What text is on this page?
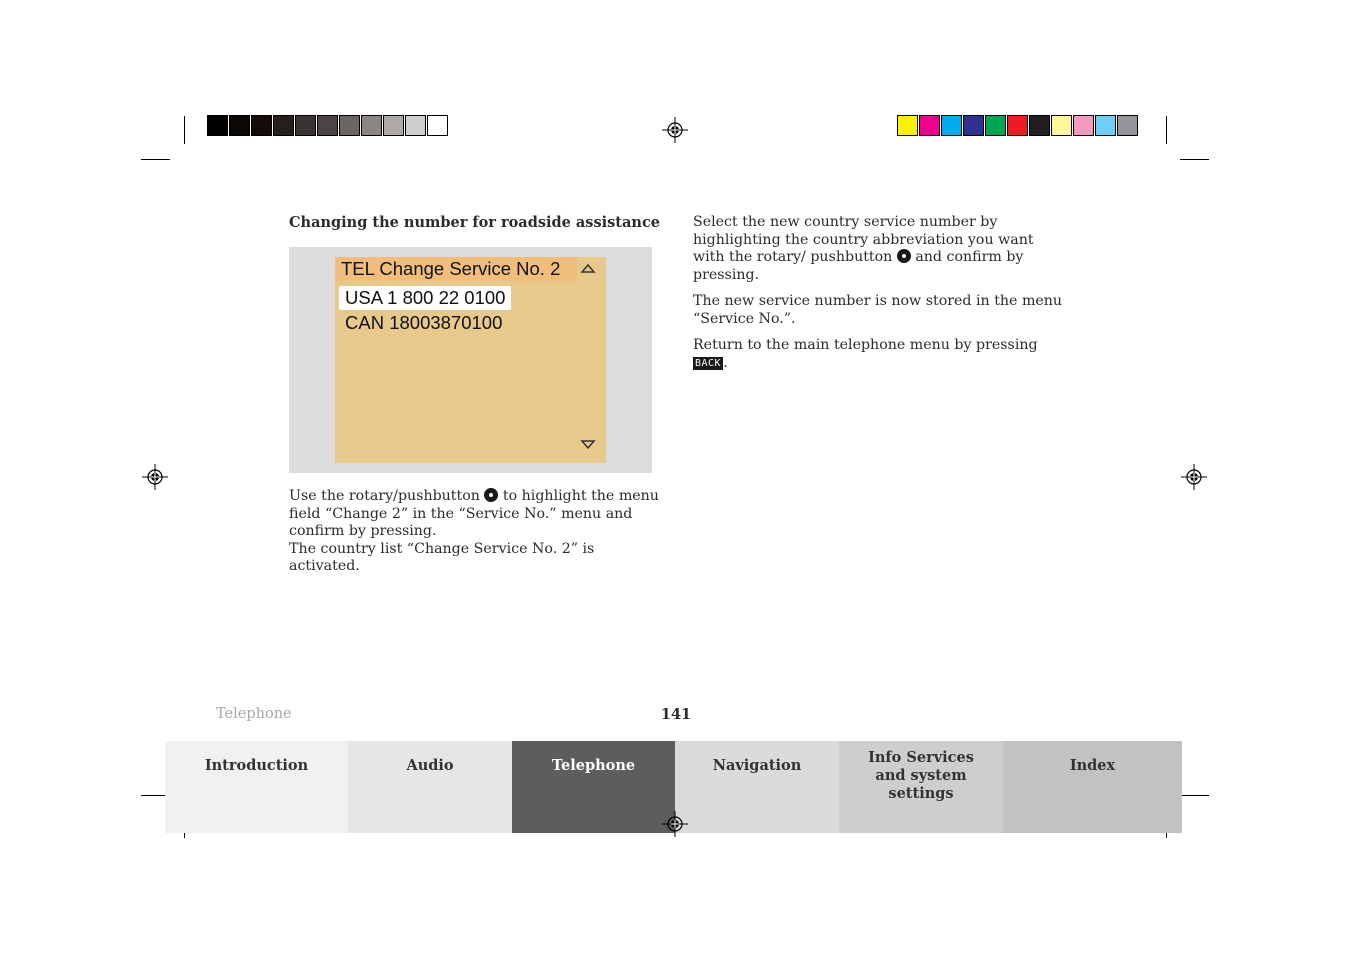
Changing the number for roadside assistance
TEL Change Service No. 2
USA 1 800 22 0100
CAN 18003870100

Use the rotary/pushbutton to highlight the menu field “Change 2” in the “Service No.” menu and confirm by pressing.

The country list “Change Service No. 2” is activated.

Select the new country service number by highlighting the country abbreviation you want with the rotary/ pushbutton and confirm by pressing.

The new service number is now stored in the menu “Service No.”.

Return to the main telephone menu by pressing BACK .

Telephone	141
Introduction	Audio	Telephone	Navigation	Info Services and system settings
Index
